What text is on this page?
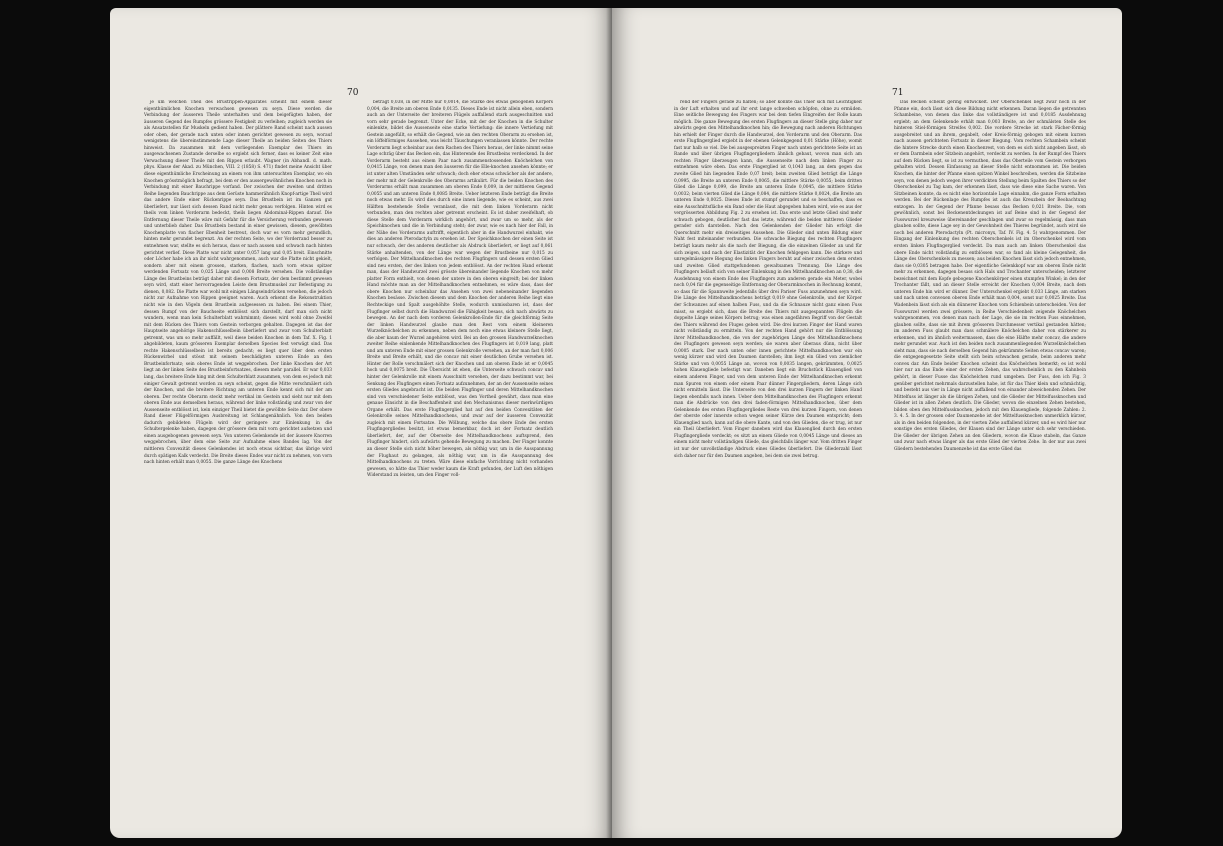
70

je um welchen Theil des Brustrippen-Apparates scheint mit einem dieser eigenthümlichen Knochen verwachsen gewesen zu seyn. Diese werden die Verbindung der äusseren Theile unterhalten und dem beigefügten haben, der äusseren Gegend des Rumpfes grössere Festigkeit zu verleihen; zugleich werden sie als Ansatzstellen für Muskeln gedient haben. Der plättere Rand scheint nach aussen oder oben, der gerade nach unten oder innen gerichtet gewesen zu seyn, worauf wenigstens die übereinstimmende Lage dieser Theile an beiden Seiten des Thiers hinweist. Da zusammen mit dem vorliegenden Exemplar des Thiers im ausgewachsenen Zustande derselbe so ergiebt sich ferner, dass es keiner Zeit eine Verwachsung dieser Theile mit den Rippen erlaubt. Wagner (in Abhandl. d. math. phys. Klasse der Akad. zu München, VIII. 2 (1858) S. 471) findet meine Ansicht über diese eigenthümliche Erscheinung an einem von ihm untersuchten Exemplar, wo ein Knochen grösstmöglich befragt, bei dem er den aussergewöhnlichen Knochen noch in Verbindung mit einer Bauchrippe vorfand. Der zwischen der zweiten und dritten Reihe liegenden Bauchrippe aus dem Gerüste hammerähnlich Knopf-artige Theil wird das andere Ende einer Rückenrippe seyn. Das Brustbein ist im Ganzen gut überliefert, nur lässt sich dessen Rand nicht mehr genau verfolgen. Hinten wird es theils vom linken Vorderarm bedeckt, theils liegen Abdominal-Rippen darauf. Die Entfernung dieser Theile wäre mit Gefahr für die Versicherung verbunden gewesen und unterblieb daher. Das Brustbein bestand in einer gewissen, diesem, gewölbten Knochenplatte von flacher Ebenheit bestreut, doch war es vorn mehr gerundlich, hinten mehr gerundet begrenzt. An der rechten Seite, wo der Vorderrand besser zu entnehmen war, stellte es sich heraus, dass er nach aussen und schwach nach hinten gerichtet verlief. Diese Platte war nicht unter 0,057 lang und 0,05 breit. Einschnitte oder Löcher habe ich an ihr nicht wahrgenommen, auch war die Platte nicht gekielt, sondern aber mit einem grossen, starken, flachen, nach vorn etwas spitzer werdenden Fortsatz von 0,025 Länge und 0,008 Breite versehen. Die vollständige Länge des Brustbeins beträgt daher mit diesem Fortsatz, der dem bestimmt gewesen seyn wird, statt einer hervorragenden Leiste dem Brustmuskel zur Befestigung zu dienen, 0,082. Die Platte war wohl mit einigen Längseindrücken versehen, die jedoch nicht zur Aufnahme von Rippen geeignet waren. Auch erkennt die Rekonstruktion nicht wie in den Vögeln dem Brustbein aufgesessen zu haben. Bei einem Thier, dessen Rumpf von der Bauchseite entblösst sich darstellt, darf man sich nicht wundern, wenn man kein Schulterblatt wahrnimmt; dieses wird wohl ohne Zweifel mit dem Rücken des Thiers vom Gestein verborgen gehalten. Dagegen ist das der Hauptseite angehörige Hakenschlüsselbein überliefert und zwar vom Schulterblatt getrennt, was um so mehr auffällt, weil diese beiden Knochen in dem Taf. X. Fig. 1 abgebildeten, kaum grösseren Exemplar derselben Species fest verwägt sind. Das rechte Hakenschlüsselbein ist bereits gedacht; es liegt quer über dem ersten Rückenwirbel und stösst mit seinem beschädigten unteren Ende an den Brustbeinfortsatz; sein oberes Ende ist weggebrochen. Der linke Knochen der Art liegt an der linken Seite des Brustbeinfortsatzes, diesem mehr parallel. Er war 0,033 lang, das breitere Ende hing mit dem Schulterblatt zusammen, von dem es jedoch mit einiger Gewalt getrennt worden zu seyn scheint, gegen die Mitte verschmälert sich der Knochen, und die breitere Richtung am unteren Ende kennt sich mit der am oberen. Der rechte Oberarm steckt mehr vertikal im Gestein und sieht nur mit dem oberen Ende aus demselben heraus, während der linke vollständig und zwar von der Aussenseite entblösst ist, kein einziger Theil bietet die gewölbte Seite dar. Der obere Rand dieser Flügelförmigen Ausbreitung ist Schlangenähnlich. Von den beiden dadurch gebildeten Flügeln wird der geringere zur Einlenkung in die Schultergelenke haben, dagegen der grössere dem mit vorn gerichtet aufsetzen und einen ausgebogenen gewesen seyn. Von unteren Gelenkende ist der äussere Knorren weggebrochen, über dem eine Seite zur Aufnahme eines Bandes lag. Von der mittleren Convexität dieses Gelenkendes ist noch etwas sichtbar, das übrige wird durch spätigen Kalk verdeckt. Die Breite dieses Endes war nicht zu nehmen, von vorn nach hinten erhält man 0,0055. Die ganze Länge des Knochens

beträgt 0,038, in der Mitte nur 0,0014, die Stärke des etwas gebogenen Körpers 0,004, die Breite am oberen Ende 0,0135. Dieses Ende ist nicht allein eben, sondern auch an der Unterseite der breiteren Flügels auffallend stark ausgeschnitten und vorn sehr gerade begrenzt. Unter der Ecke, mit der der Knochen in die Schulter einlenkte, bildet die Aussenseite eine starke Vertiefung: die innere Vertiefung mit Gestein angefüllt, so erhält die Gegend, wie an den rechten Oberarm zu ersehen ist, ein löffelförmiges Aussehen, was leicht Täuschungen veranlassen könnte. Der rechte Vorderarm liegt scheinbar aus dem Rachen des Thiers heraus, der linke nimmt seine Lage schräg über das Becken ein, das Hinterende des Brustbeins verdeckend. In der Vorderarm besteht aus einem Paar nach zusammenstossenden Knöchelchen von 0,0415 Länge, von denen man den äusseren für die Elle-knochen ansehen könnte; er ist unter alten Umständen sehr schwach; doch eher etwas schwächer als der andere, der mehr mit der Gelenkrolle des Oberarms artikulirt. Für die beiden Knochen des Vorderarms erhält man zusammen am oberen Ende 0,009, in der mittleren Gegend 0,0055 und am unteren Ende 0,0085 Breite. Ueber letzteren Ende beträgt die Breite noch etwas mehr. Es wird dies durch eine innen liegende, wie es scheint, aus zwei Hälften bestehende Stelle veranlasst, die mit dem linken Vorderarm nicht verbunden, man den rechten aber getrennt erscheint. Es ist daher zweifelhaft, ob diese Stelle dem Vorderarm wirklich angehört, und zwar um so mehr, als der Speichknochen und die in Verbindung steht; der zwar, wie es nach hier der Fall, in der Nähe des Vorderarms auftrifft, eigentlich aber in die Handwurzel einhakt, wie dies an anderen Pterodactyln zu ersehen ist. Der Speichknochen der einen Seite ist nur schwach, der des anderen deutlicher als Abdruck überliefert, er liegt auf 0,061 Stärke anhaltenden, von der Länge war wegen der Brustbeine nur 0,015 zu verfolgen. Der Mittelhandknochen des rechten Flugfingers und dessen ersten Glied sind neu ersten, der des linken von jedem entblösst. An der rechten Hand erkennt man, dass der Handwurzel zwei grösste übereinander liegende Knochen von mehr platter Form enthielt, von denen der untere in den oberen eingreift; bei der linken Hand möchte man an der Mittelhandknochen entnehmen, es wäre dass, dass der obere Knochen nur scheinbar das Ansehen von zwei nebeneinander liegenden Knochen besässe. Zwischen diesem und dem Knochen der anderen Reihe liegt eine Rechteckige und Spalt ausgehöhlte Stelle, wodurch unmissbaren ist, dass der Flugfinger selbst durch die Handwurzel die Fähigkeit besass, sich nach abwärts zu bewegen. An der nach dem vorderen Gelenkrollen-Ende für die gleichförmig Seite der linken Handwurzel glaube man den Rest vom einem kleineren Wurzelknöchelchen zu erkennen, neben dem noch eine etwas kleinere Stelle liegt, die aber kaum der Wurzel angehören wird. Bei an den grossen Handwurzelknochen zweiter Reihe einlenkende Mittelhandknochen des Flugfingers ist 0,019 lang, platt und am unteren Ende mit einer grossen Gelenkrolle versehen, an der man fast 0,006 Breite und Breite erhält, und die concav mit einer deutlichen Grube versehen ist. Hinter der Rolle verschmälert sich der Knochen und am oberen Ende ist er 0,0045 hoch und 0,0075 breit. Die Übersicht ist eben, die Unterseite schwach concav und hinter der Gelenkrolle mit einem Ausschnitt versehen, der dazu bestimmt war, bei Senkung des Flugfingers einen Fortsatz aufzunehmen, der an der Aussenseite seines ersten Gliedes angebracht ist. Die beiden Flugfinger und deren Mittelhandknochen sind von verschiedener Seite entblösst, was den Vortheil gewährt, dass man eine genaue Einsicht in die Beschaffenheit und den Mechanismus dieser merkwürdigen Organe erhält. Das erste Flugfingerglied hat auf den beiden Convexitäten der Gelenkrolle seines Mittelhandknochens, und zwar auf der äusseren Convexität zugleich mit einem Fortsatze. Die Wölbung, welche das obere Ende des ersten Flugfingergliedes besitzt, ist etwas bemerkbar, doch ist der Fortsatz deutlich überliefert, der, auf der Oberseite des Mittelhandknochens auftsprend, den Flugfinger hindert, sich aufwärts gehende Bewegung zu machen. Der Finger konnte an dieser Stelle sich nicht höher bewegen, als nöthig war, um in die Ausspannung der Flughaut zu gelangen, als nöthig war, um in die Ausspannung des Mittelhandknochens zu treten. Wäre diese einfache Vorrichtung nicht vorhanden gewesen, so hätte das Thier weder kaum die Kraft gefunden, der Luft den nöthigen Widerstand zu leisten, um den Finger voll-

71

rend der Fingers gerade zu halten; so aber konnte das Thier sich mit Leichtigkeit in der Luft erhalten und auf ihr erst lange schweben schöpfen, ohne zu ermüden. Eine seitliche Bewegung des Fingers war bei dem tiefen Eingreifen der Rolle kaum möglich. Die ganze Bewegung des ersten Flugfingers an dieser Stelle ging daher nur abwärts gegen den Mittelhandknochen hin; die Bewegung nach anderen Richtungen hin erhielt der Finger durch die Handwurzel, den Vorderarm und den Oberarm. Das erste Flugfingerglied ergiebt in der ebenen Gelenkgegend 0,01 Stärke (Höhe), womit fast nur halb so viel. Die bei ausgespreizten Finger nach unten gerichtete Seite ist an Rande und über übrigen Flugfingergliedern ähnlich gebaut, wovon man sich am rechten Finger überzeugen kann, die Aussenseite nach dem linken Finger zu entnehmen wäre eben. Das erste Fingerglied ist 0,1043 lang, an dem gegen das zweite Glied hin liegenden Ende 0,07 breit; beim zweiten Glied beträgt die Länge 0,0995, die Breite an unteren Ende 0,0065, die mittlere Stärke 0,0055; beim dritten Glied die Länge 0,099, die Breite am unteren Ende 0,0045, die mittlere Stärke 0,0032; beim vierten Glied die Länge 0,084, die mittlere Stärke 0,0024, die Breite am unteren Ende 0,0025. Dieses Ende ist stumpf gerundet und so beschaffen, dass es eine Ausschnittsfläche ein Band oder die Haut abgegeben haben wird, wie es aus der vergrösserten Abbildung Fig. 2 zu ersehen ist. Das erste und letzte Glied sind mehr schwach gebogen, deutlicher fast das letzte, während die beiden mittleren Glieder gerader sich darstellen. Nach den Gelenkenden der Glieder hin erfolgt die Querschnitt mehr ein dreiseitiges Aussehen. Die Glieder sind unten Bildung einer Naht fest miteinander verbunden. Die schwache Biegung des rechten Flugfingers beträgt kaum mehr als die nach der Biegung, die die einzelnen Glieder an und für sich zeigen, und nach der Elastizität der Knochen fehlgegen kann. Die stärkere und unregelmässigere Biegung des linken Fingers beruht auf einer zwischen dem ersten und zweiten Glied stattgefundenen gewaltsamen Trennung. Die Länge des Flugfingers beläuft sich von seiner Einlenkung in den Mittelhandknochen an 0,38, die Ausdehnung von einem Ende des Flugfingers zum anderen gerade ein Meter, wobei noch 0,04 für die gegenseitige Entfernung der Oberarmknochen in Rechnung kommt, so dass für die Spannweite jedenfalls über drei Pariser Fuss anzunehmen seyn wird. Die Länge des Mittelhandknochens beträgt 0,019 ohne Gelenkrolle, und der Körper der Schwanzes auf einen halben Fuss, und da die Schnauze nicht ganz einen Fuss misst, so ergiebt sich, dass die Breite des Thiers mit ausgespannten Flügeln die doppelte Länge seines Körpers betrug; was einen angefähren Begriff von der Gestalt des Thiers während des Fluges geben wird. Die drei kurzen Finger der Hand waren nicht vollständig zu ermitteln. Von der rechten Hand gehört nur die Entblössung ihrer Mittelhandknochen, die von der zugehörigen Länge des Mittelhandknochens des Flugfingers gewesen seyn werden; sie waren aber überaus dünn, nicht über 0,0005 stark. Der nach unten oder innen gerichtete Mittelhandknochen war ein wenig kürzer und wird den Daumen darstellen; ihm liegt ein Glied von ziemlicher Stärke und von 0,0055 Länge an, wovon von 0,0035 langen, gekrümmten, 0,0025 hohen Klauengliede befestigt war. Daneben liegt ein Bruchstück Klauenglied von einem anderen Finger, und von dem unteren Ende der Mittelhandknochen erkennt man Spuren von einem oder einem Paar dünner Fingergliedern, deren Länge sich nicht ermitteln lässt. Die Unterseite von den drei kurzen Fingern der linken Hand liegen ebenfalls nach innen. Ueber dem Mittelhandknochen des Flugfingers erkennt man die Abdrücke von den drei faden-förmigen Mittelhandknochen, über dem Gelenkende des ersten Flugfingergliedes Reste von drei kurzen Fingern, von denen der oberste oder innerste schon wegen seiner Kürze den Daumen entspricht; dem Klauenglied nach, kann auf die obere Kante, und von den Glieden, die er trug, ist nur ein Theil überliefert. Vom Finger daneben wird das Klauenglied durch den ersten Flugfingergliede verdeckt; es sitzt an einem Gliede von 0,0045 Länge und dieses an einem nicht mehr vollständigen Gliede, das gleichfalls länger war. Vom dritten Finger ist nur der unvollständige Abdruck eines Gliedes überliefert. Die Gliederzahl lässt sich daher nur für den Daumen angeben, bei dem sie zwei betrug.

Das Becken scheint gering entwickelt. Der Oberschenkel liegt zwar noch in der Pfanne ein, doch lässt sich diese Bildung nicht erkennen. Daran liegen die getrennten Schambeine, von denen das linke das vollständigere ist und 0,0185 Ausdehnung ergiebt; an dem Gelenkende erhält man 0,003 Breite, an der schmälsten Stelle des hinteren Stiel-förmigen Streifes 0,002. Die vordere Strecke ist stark Fächer-förmig ausgebreitet und an ihrem, gegabelt, oder Kreis-förmig gebogen mit einem kurzen nach aussen gerichteten Fortsatz in dieser Biegung. Vom rechten Schambein scheint die hintere Strecke durch einen Knochenrest, von dem es sich nicht angeben lässt, ob er dem Darmbein oder Sitzbein angehört, verdeckt zu werden. In der Rumpf des Thiers auf dem Rücken liegt, so ist zu vermuthen, dass das Oberteile vom Gestein verborgen gehalten wird. Dessen Einfassung an dieser Stelle nicht entnommen ist. Die beiden Knochen, die hinter der Pfanne einen spitzen Winkel beschreiben, werden die Sitzbeine seyn, von denen jedoch wegen ihrer verdickten Stellung beim Spalten des Thiers so der Oberschenkel zu Tag kam, der erkennen lässt, dass wie diese eine Sache waren. Von Sitzbeinen konnte, da es nicht eine horizontale Lage einnahm, die ganze Form erhalten werden. Bei der Rückenlage des Rumpfes ist auch das Kreuzbein der Beobachtung entzogen. In der Gegend der Pfanne besass das Becken 0,021 Breite. Die, vom gewöhnlich, sonst bei Beckenentdeckungen ist auf Beine sind in der Gegend der Fusswurzel kreuzweise übereinander geschlagen und zwar so regelmässig, dass man glauben sollte, diese Lage sey in der Gewohnheit des Thieres begründet, auch wird sie noch bei anderen Pterodactyln (Pt. micronyx, Taf. IV. Fig. 4. 5) wahrgenommen. Der Eingang der Einlenkung des rechten Oberschenkels ist im Oberschenkel wird vom ersten linken Flugfingerglied verdeckt. Da man auch am linken Oberschenkel das obere Ende nicht vollständig zu entblössen war, so fand als kleine Gelegenheit, die Länge des Oberschenkels zu messen; aus beiden Knochen lässt sich jedoch entnehmen, dass sie 0,0305 betragen habe. Der eigentliche Gelenkkopf war am oberen Ende nicht mehr zu erkennen, dagegen besass sich Hals und Trochanter unterscheiden; letzterer bezeichnet mit dem Kopfe gebogene Knochenkörper einen stumpfen Winkel; in den der Trochanter fällt, und an dieser Stelle erreicht der Knochen 0,004 Breite, nach dem unteren Ende hin wird er dünner. Der Unterschenkel ergiebt 0,033 Länge, am starken und nach unten convexen oberen Ende erhält man 0,004, sonst nur 0,0025 Breite. Das Wadenbein lässt sich als ein dünnerer Knochen vom Schienbein unterscheiden. Von der Fusswurzel werden zwei grössere, in Reihe Verschiedenheit zeigende Knöchelchen wahrgenommen, von denen man nach der Lage, die sie im rechten Fuss einnehmen, glauben sollte, dass sie mit ihrem grösseren Durchmesser vertikal gestanden hätten; im anderen Fuss glaubt man dass schmälere Knöchelchen daher von stärkerer zu erkennen, und im ähnlich weitermassen, dass die eine Hälfte mehr concav, die andere mehr gerundet war. Auch ist den beiden noch zusammenliegenden Wurzelknöchelchen sieht man, dass sie nach derselben Gegend hin gekrümmte Seiten etwas concav waren; die entgegengesetzte Seite stellt sich beim schwachen gerade, beim anderen mehr convex dar. Am Ende beider Knochen scheint das Knöchelchen bemerkt; es ist wohl hier nur an das Ende einer der ersten Zehen, das wahrscheinlich zu den Kahnbein gehört, in dieser Fusse das Knöchelchen rund umgeben. Der Fuss, den ich Fig. 3 genüber gerichtet mehrmals darzustellen habe, ist für das Thier klein und schmächtig, und besteht aus vier in Länge nicht auffallend von einander abweichenden Zehen. Der Mittelfuss ist länger als die übrigen Zehen, und die Glieder der Mittelfussknochen und Glieder ist in allen Zehen deutlich. Die Glieder, wovon die einzelnen Zehen bestehen, bilden oben den Mittelfussknochen, jedoch mit den Klauengliede, folgende Zahlen: 2. 3. 4. 5. In der grossen oder Daumenzehe ist der Mittelfussknochen unmerklich kürzer, als in den beiden folgenden, in der vierten Zehe auffallend kürzer, und es wird hier nur sonstige des ersten Gliedes, der Klauen sind der Länge unter sich sehr verschieden. Die Glieder der übrigen Zehen an den Gliedern, wovon die Klaue stabeln, das Ganze und zwar nach etwas länger als das erste Glied der vierten Zehe. In der nur aus zwei Gliedern bestehenden Daumenzehe ist das erste Glied das
